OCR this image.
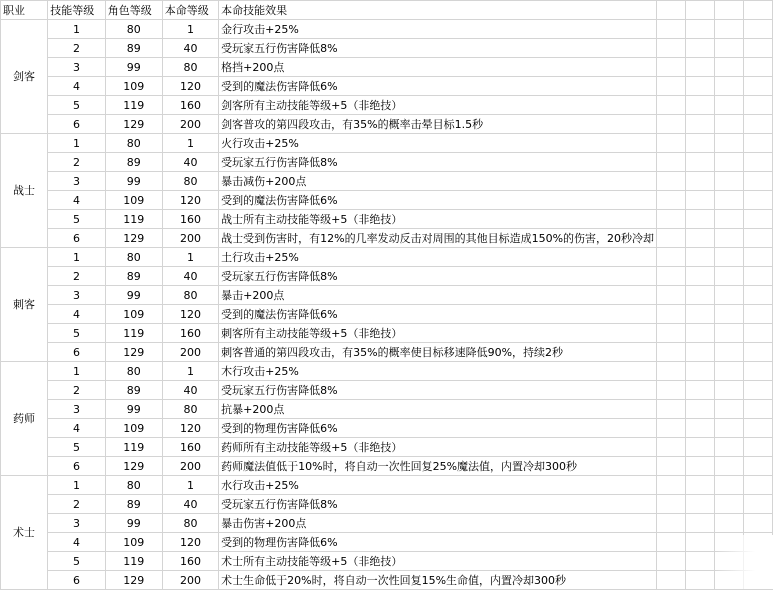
职业	技能等级	角色等级	本命等级	本命技能效果				
剑客	1	80	1	金行攻击+25%				
	2	89	40	受玩家五行伤害降低8%				
	3	99	80	格挡+200点				
	4	109	120	受到的魔法伤害降低6%				
	5	119	160	剑客所有主动技能等级+5（非绝技）				
	6	129	200	剑客普攻的第四段攻击，有35%的概率击晕目标1.5秒				
战士	1	80	1	火行攻击+25%				
	2	89	40	受玩家五行伤害降低8%				
	3	99	80	暴击减伤+200点				
	4	109	120	受到的魔法伤害降低6%				
	5	119	160	战士所有主动技能等级+5（非绝技）				
	6	129	200	战士受到伤害时，有12%的几率发动反击对周围的其他目标造成150%的伤害，20秒冷却				
刺客	1	80	1	土行攻击+25%				
	2	89	40	受玩家五行伤害降低8%				
	3	99	80	暴击+200点				
	4	109	120	受到的魔法伤害降低6%				
	5	119	160	刺客所有主动技能等级+5（非绝技）				
	6	129	200	刺客普通的第四段攻击，有35%的概率使目标移速降低90%，持续2秒				
药师	1	80	1	木行攻击+25%				
	2	89	40	受玩家五行伤害降低8%				
	3	99	80	抗暴+200点				
	4	109	120	受到的物理伤害降低6%				
	5	119	160	药师所有主动技能等级+5（非绝技）				
	6	129	200	药师魔法值低于10%时，将自动一次性回复25%魔法值，内置冷却300秒				
术士	1	80	1	水行攻击+25%				
	2	89	40	受玩家五行伤害降低8%				
	3	99	80	暴击伤害+200点				
	4	109	120	受到的物理伤害降低6%				
	5	119	160	术士所有主动技能等级+5（非绝技）				
	6	129	200	术士生命低于20%时，将自动一次性回复15%生命值，内置冷却300秒				
